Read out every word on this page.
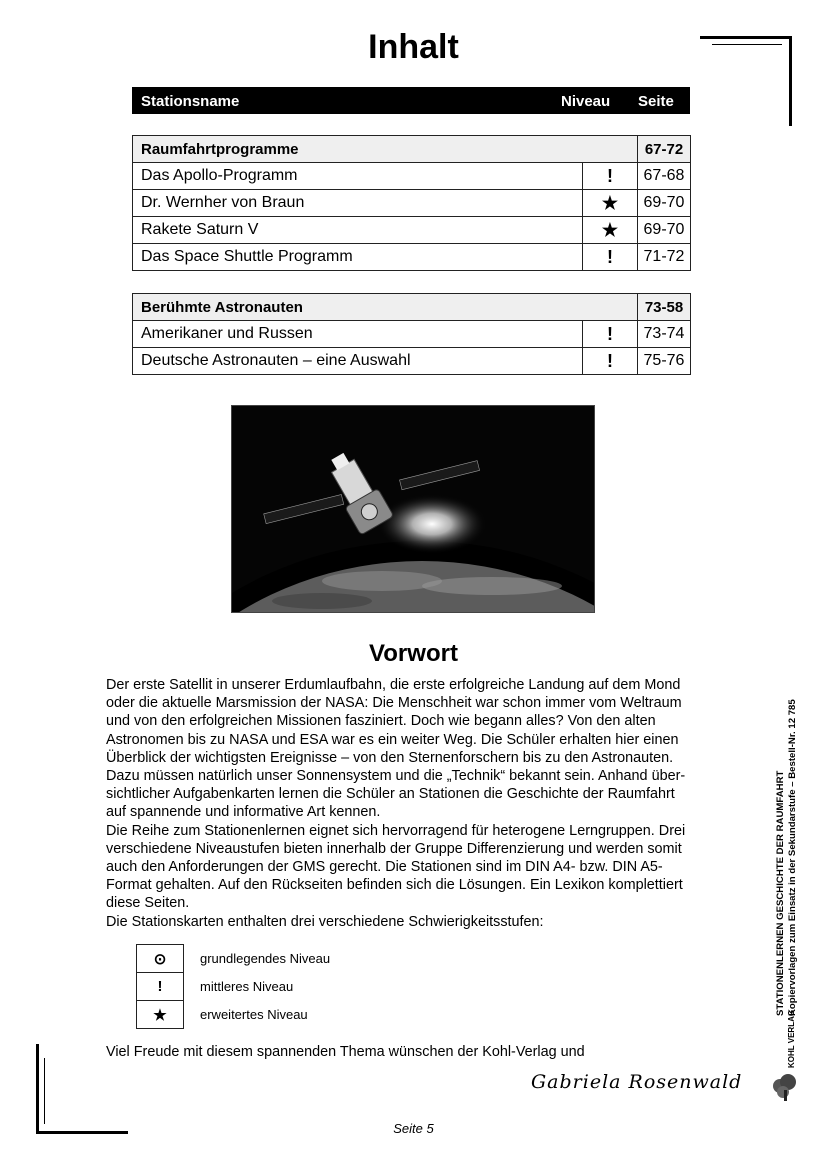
Inhalt
Stationsname	Niveau Seite
Raumfahrtprogramme		67-72
Das Apollo-Programm	!	67-68
Dr. Wernher von Braun	★	69-70
Rakete Saturn V	★	69-70
Das Space Shuttle Programm	!	71-72
Berühmte Astronauten		73-58
Amerikaner und Russen	!	73-74
Deutsche Astronauten – eine Auswahl	!	75-76
Vorwort

Der erste Satellit in unserer Erdumlaufbahn, die erste erfolgreiche Landung auf dem Mond

oder die aktuelle Marsmission der NASA: Die Menschheit war schon immer vom Weltraum

und von den erfolgreichen Missionen fasziniert. Doch wie begann alles? Von den alten

Astronomen bis zu NASA und ESA war es ein weiter Weg. Die Schüler erhalten hier einen

Überblick der wichtigsten Ereignisse – von den Sternenforschern bis zu den Astronauten.

Dazu müssen natürlich unser Sonnensystem und die „Technik“ bekannt sein. Anhand über-

sichtlicher Aufgabenkarten lernen die Schüler an Stationen die Geschichte der Raumfahrt

auf spannende und informative Art kennen.

Die Reihe zum Stationenlernen eignet sich hervorragend für heterogene Lerngruppen. Drei

verschiedene Niveaustufen bieten innerhalb der Gruppe Differenzierung und werden somit

auch den Anforderungen der GMS gerecht. Die Stationen sind im DIN A4- bzw. DIN A5-

Format gehalten. Auf den Rückseiten befinden sich die Lösungen. Ein Lexikon komplettiert

diese Seiten.

Die Stationskarten enthalten drei verschiedene Schwierigkeitsstufen:

⊙	grundlegendes Niveau
!	mittleres Niveau
★	erweitertes Niveau
Viel Freude mit diesem spannenden Thema wünschen der Kohl-Verlag und
Gabriela Rosenwald
Seite 5
STATIONENLERNEN GESCHICHTE DER RAUMFAHRT Kopiervorlagen zum Einsatz in der Sekundarstufe – Bestell-Nr. 12 785
KOHL VERLAG
